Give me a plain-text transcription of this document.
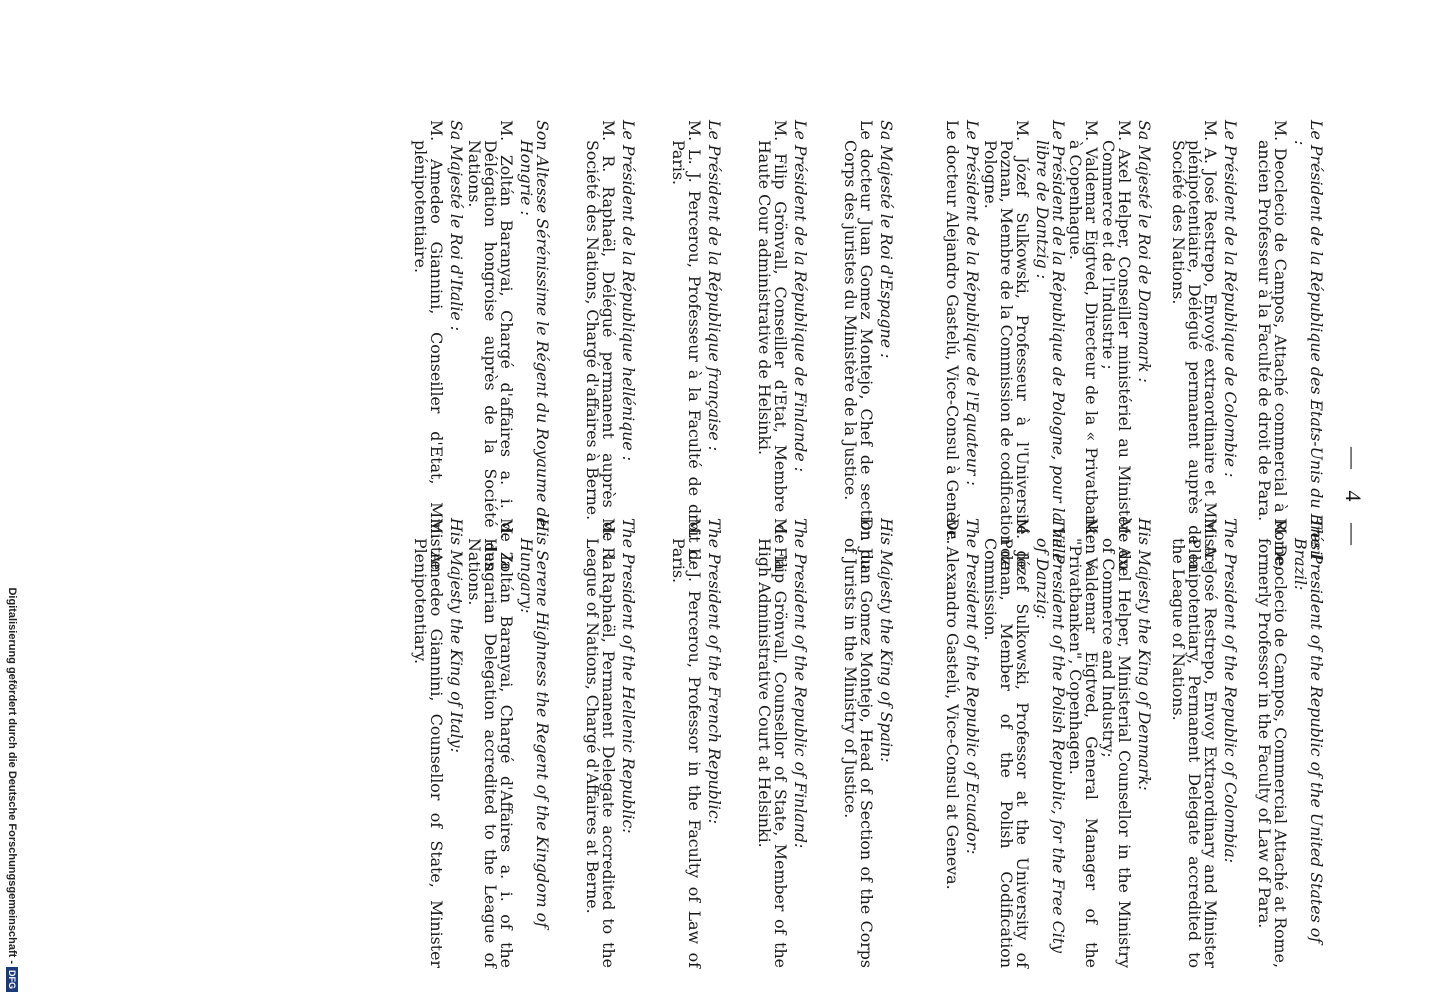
— 4 —
Le Président de la République des Etats-Unis du Brésil :
M. Deoclecio de Campos, Attaché commercial à Rome, ancien Professeur à la Faculté de droit de Para.
Le Président de la République de Colombie :
M. A. José Restrepo, Envoyé extraordinaire et Ministre plénipotentiaire, Délégué permanent auprès de la Société des Nations.
Sa Majesté le Roi de Danemark :
M. Axel Helper, Conseiller ministériel au Ministère du Commerce et de l'Industrie ;
M. Valdemar Eigtved, Directeur de la « Privatbanken » à Copenhague.
Le Président de la République de Pologne, pour la Ville libre de Dantzig :
M. Józef Sulkowski, Professeur à l'Université de Poznan, Membre de la Commission de codification de Pologne.
Le Président de la République de l'Equateur :
Le docteur Alejandro Gastelú, Vice-Consul à Genève.
Sa Majesté le Roi d'Espagne :
Le docteur Juan Gomez Montejo, Chef de section du Corps des juristes du Ministère de la Justice.
Le Président de la République de Finlande :
M. Filip Grönvall, Conseiller d'Etat, Membre de la Haute Cour administrative de Helsinki.
Le Président de la République française :
M. L. J. Percerou, Professeur à la Faculté de droit de Paris.
Le Président de la République hellénique :
M. R. Raphaël, Délégué permanent auprès de la Société des Nations, Chargé d'affaires à Berne.
Son Altesse Sérénissime le Régent du Royaume de Hongrie :
M. Zoltán Baranyai, Chargé d'affaires a. i. de la Délégation hongroise auprès de la Société des Nations.
Sa Majesté le Roi d'Italie :
M. Amedeo Giannini, Conseiller d'Etat, Ministre plénipotentiaire.
The President of the Republic of the United States of Brazil:
M. Deoclecio de Campos, Commercial Attaché at Rome, formerly Professor in the Faculty of Law of Para.
The President of the Republic of Colombia:
M. A. José Restrepo, Envoy Extraordinary and Minister Plenipotentiary, Permanent Delegate accredited to the League of Nations.
His Majesty the King of Denmark:
M. Axel Helper, Ministerial Counsellor in the Ministry of Commerce and Industry;
M. Valdemar Eigtved, General Manager of the "Privatbanken", Copenhagen.
The President of the Polish Republic, for the Free City of Danzig:
M. Józef Sulkowski, Professor at the University of Poznan, Member of the Polish Codification Commission.
The President of the Republic of Ecuador:
Dr. Alexandro Gastelú, Vice-Consul at Geneva.
His Majesty the King of Spain:
Dr. Juan Gomez Montejo, Head of Section of the Corps of Jurists in the Ministry of Justice.
The President of the Republic of Finland:
M. Filip Grönvall, Counsellor of State, Member of the High Administrative Court at Helsinki.
The President of the French Republic:
M. L. J. Percerou, Professor in the Faculty of Law of Paris.
The President of the Hellenic Republic:
M. R. Raphaël, Permanent Delegate accredited to the League of Nations, Chargé d'Affaires at Berne.
His Serene Highness the Regent of the Kingdom of Hungary:
M. Zoltán Baranyai, Chargé d'Affaires a. i. of the Hungarian Delegation accredited to the League of Nations.
His Majesty the King of Italy:
M. Amedeo Giannini, Counsellor of State, Minister Plenipotentiary.
Digitalisierung gefördert durch die Deutsche Forschungsgemeinschaft -DFG
